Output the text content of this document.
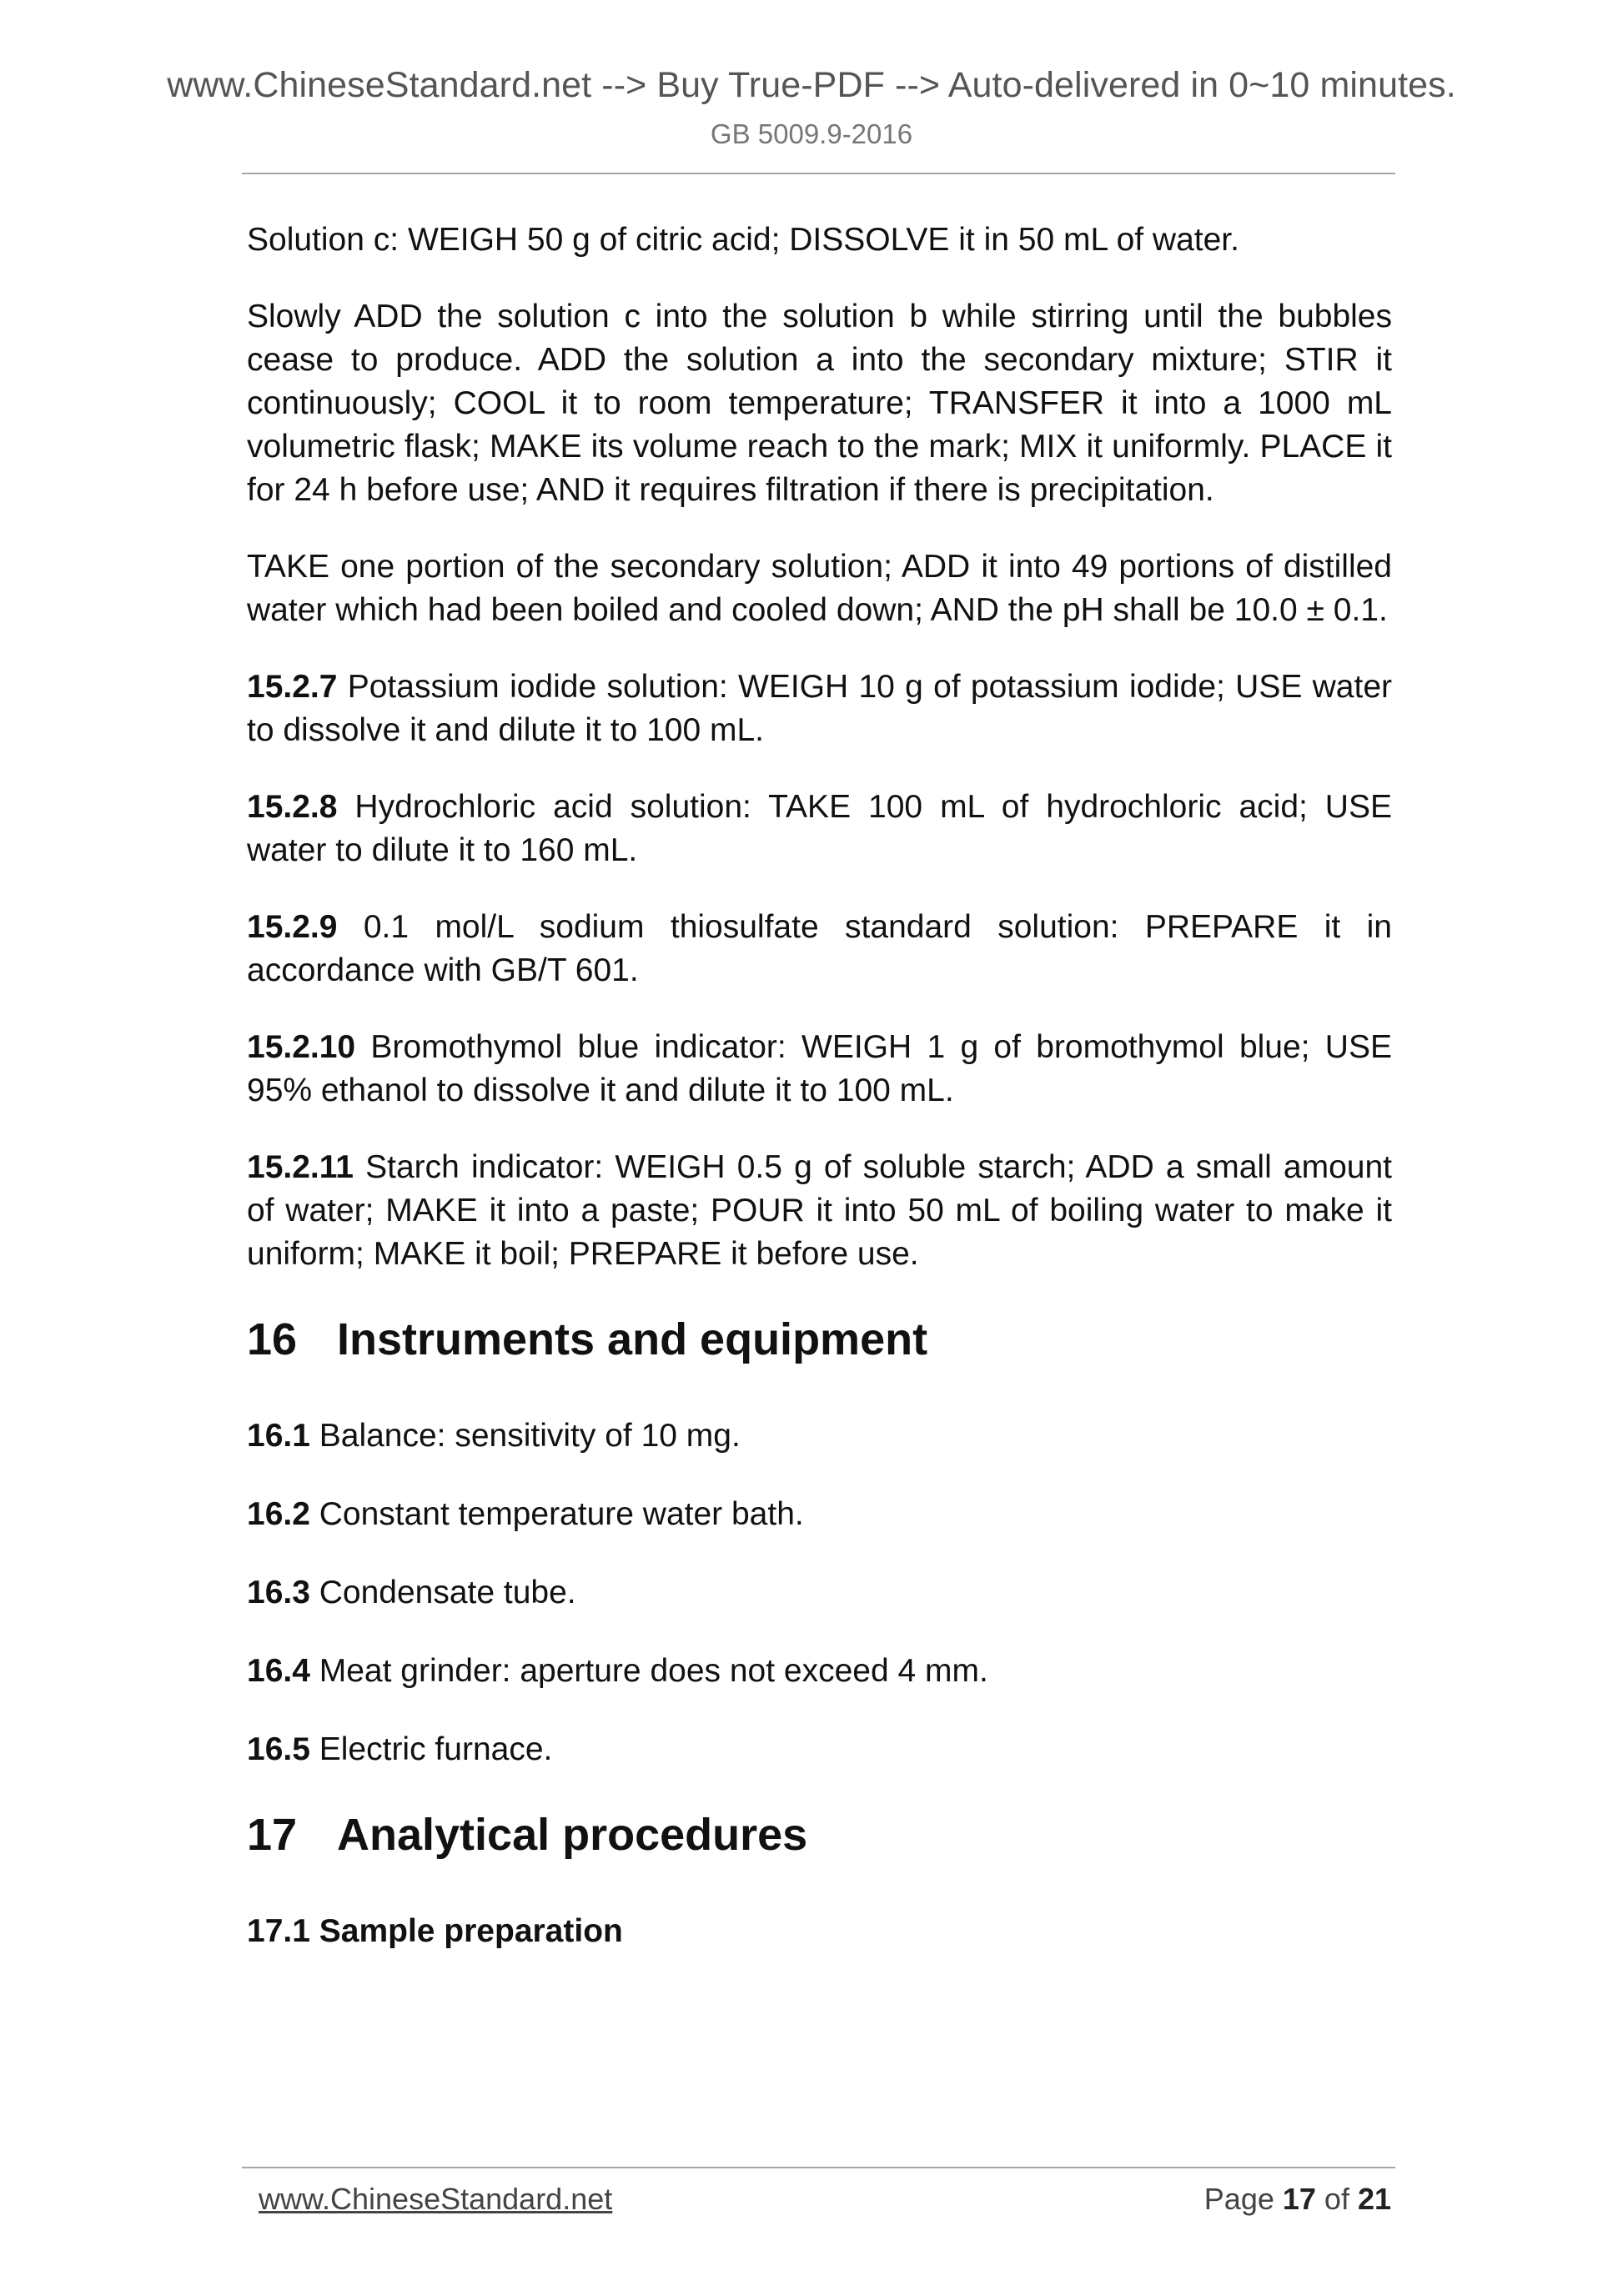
www.ChineseStandard.net --> Buy True-PDF --> Auto-delivered in 0~10 minutes.
GB 5009.9-2016

Solution c: WEIGH 50 g of citric acid; DISSOLVE it in 50 mL of water.

Slowly ADD the solution c into the solution b while stirring until the bubbles cease to produce. ADD the solution a into the secondary mixture; STIR it continuously; COOL it to room temperature; TRANSFER it into a 1000 mL volumetric flask; MAKE its volume reach to the mark; MIX it uniformly. PLACE it for 24 h before use; AND it requires filtration if there is precipitation.

TAKE one portion of the secondary solution; ADD it into 49 portions of distilled water which had been boiled and cooled down; AND the pH shall be 10.0 ± 0.1.

15.2.7 Potassium iodide solution: WEIGH 10 g of potassium iodide; USE water to dissolve it and dilute it to 100 mL.

15.2.8 Hydrochloric acid solution: TAKE 100 mL of hydrochloric acid; USE water to dilute it to 160 mL.

15.2.9 0.1 mol/L sodium thiosulfate standard solution: PREPARE it in accordance with GB/T 601.

15.2.10 Bromothymol blue indicator: WEIGH 1 g of bromothymol blue; USE 95% ethanol to dissolve it and dilute it to 100 mL.

15.2.11 Starch indicator: WEIGH 0.5 g of soluble starch; ADD a small amount of water; MAKE it into a paste; POUR it into 50 mL of boiling water to make it uniform; MAKE it boil; PREPARE it before use.

16 Instruments and equipment

16.1 Balance: sensitivity of 10 mg.

16.2 Constant temperature water bath.

16.3 Condensate tube.

16.4 Meat grinder: aperture does not exceed 4 mm.

16.5 Electric furnace.

17 Analytical procedures

17.1 Sample preparation

www.ChineseStandard.net	Page 17 of 21
